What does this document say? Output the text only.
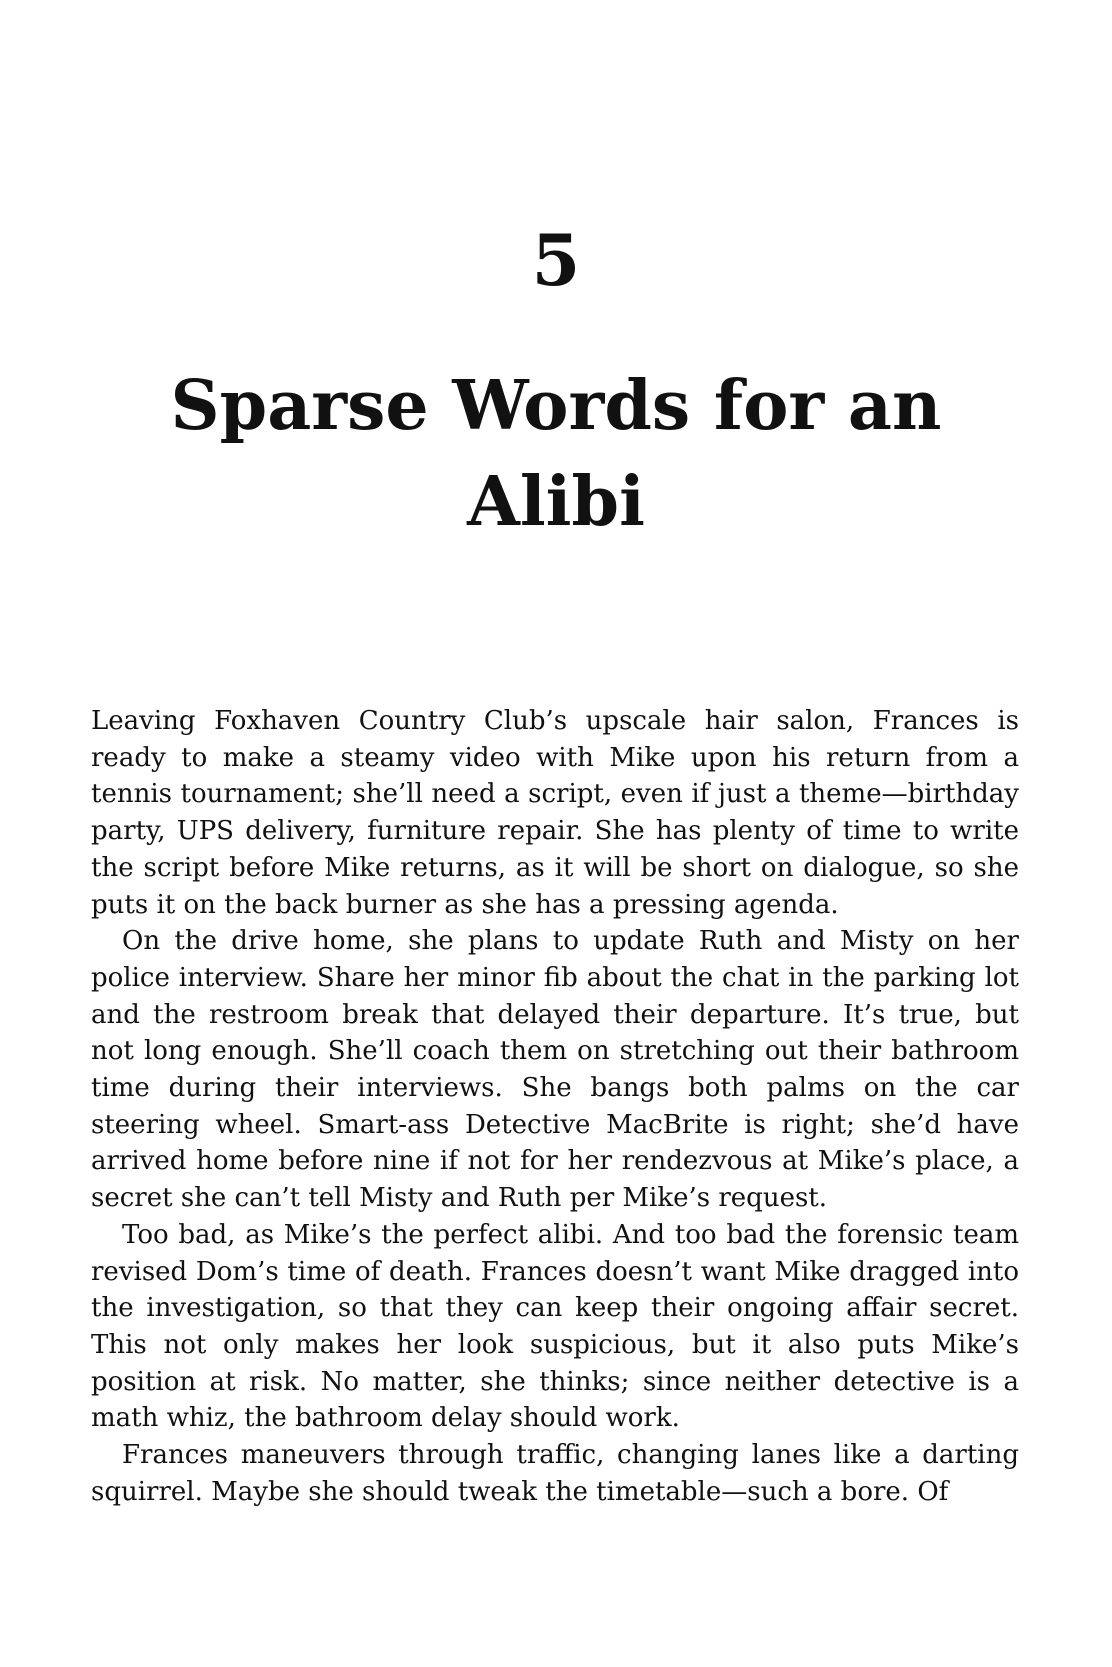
5
Sparse Words for an Alibi

Leaving Foxhaven Country Club’s upscale hair salon, Frances is ready to make a steamy video with Mike upon his return from a tennis tournament; she’ll need a script, even if just a theme—birthday party, UPS delivery, furniture repair. She has plenty of time to write the script before Mike returns, as it will be short on dialogue, so she puts it on the back burner as she has a pressing agenda.

On the drive home, she plans to update Ruth and Misty on her police interview. Share her minor fib about the chat in the parking lot and the restroom break that delayed their departure. It’s true, but not long enough. She’ll coach them on stretching out their bathroom time during their interviews. She bangs both palms on the car steering wheel. Smart-ass Detective MacBrite is right; she’d have arrived home before nine if not for her rendezvous at Mike’s place, a secret she can’t tell Misty and Ruth per Mike’s request.

Too bad, as Mike’s the perfect alibi. And too bad the forensic team revised Dom’s time of death. Frances doesn’t want Mike dragged into the investigation, so that they can keep their ongoing affair secret. This not only makes her look suspicious, but it also puts Mike’s position at risk. No matter, she thinks; since neither detective is a math whiz, the bathroom delay should work.

Frances maneuvers through traffic, changing lanes like a darting squirrel. Maybe she should tweak the timetable—such a bore. Of
